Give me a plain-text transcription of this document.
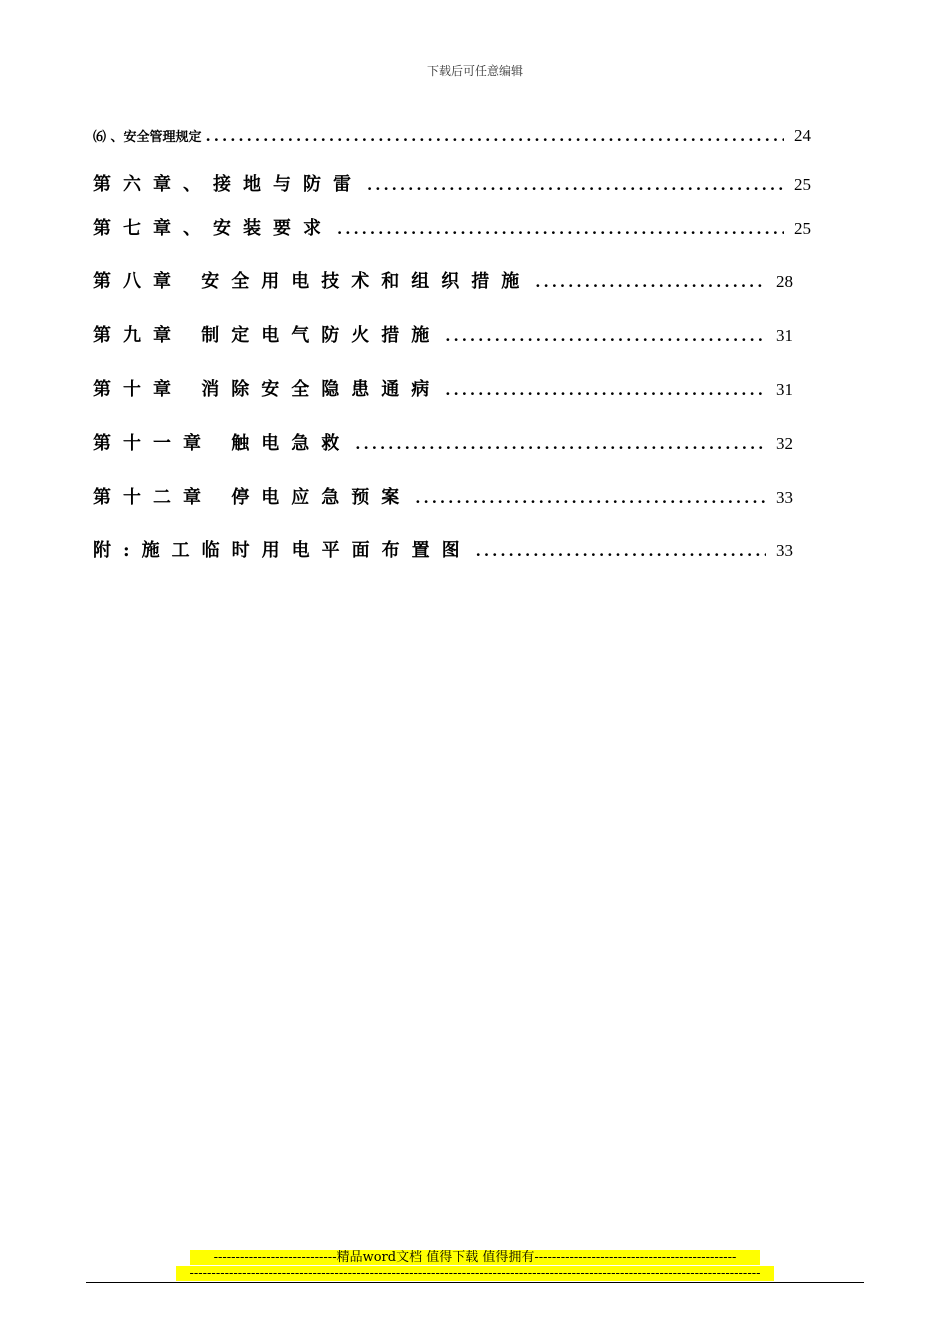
下载后可任意编辑
⑹ 、安全管理规定 .....	24
第六章、接地与防雷 .....	25
第七章、安装要求 .....	25
第八章 安全用电技术和组织措施 .....	28
第九章 制定电气防火措施 .....	31
第十章 消除安全隐患通病 .....	31
第十一章 触电急救 .....	32
第十二章 停电应急预案 .....	33
附:施工临时用电平面布置图 .....	33
----------------------------精品word文档 值得下载 值得拥有----------------------------------------------
----------------------------------------------------------------------------------------------------------------------------------
